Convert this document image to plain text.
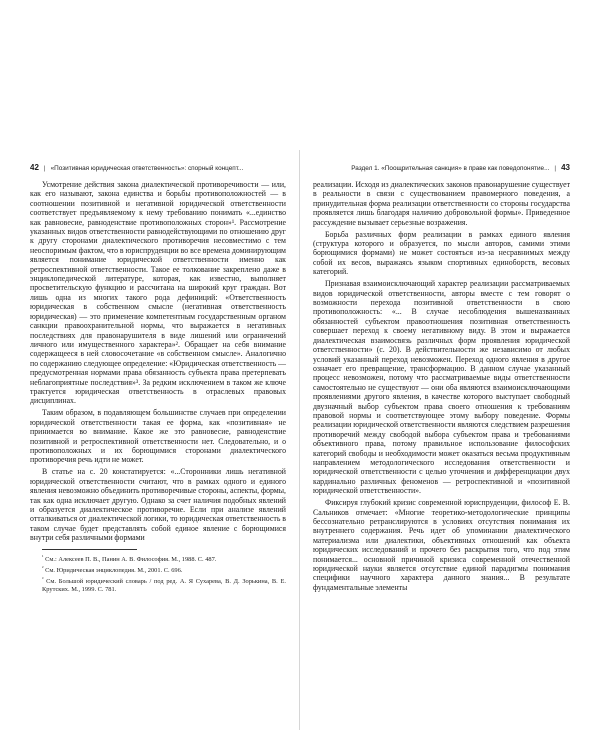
42 | «Позитивная юридическая ответственность»: спорный концепт...

Усмотрение действия закона диалектической противоречивости — или, как его называют, закона единства и борьбы противоположностей — в соотношении позитивной и негативной юридической ответственности соответствует предъявляемому к нему требованию понимать «...единство как равновесие, равноденствие противоположных сторон»¹. Рассмотрение указанных видов ответственности равнодействующими по отношению друг к другу сторонами диалектического противоречия несовместимо с тем неоспоримым фактом, что в юриспруденции во все времена доминирующим является понимание юридической ответственности именно как ретроспективной ответственности. Такое ее толкование закреплено даже в энциклопедической литературе, которая, как известно, выполняет просветительскую функцию и рассчитана на широкий круг граждан. Вот лишь одна из многих такого рода дефиниций: «Ответственность юридическая в собственном смысле (негативная ответственность юридическая) — это применение компетентным государственным органом санкции правоохранительной нормы, что выражается в негативных последствиях для правонарушителя в виде лишений или ограничений личного или имущественного характера»². Обращает на себя внимание содержащееся в ней словосочетание «в собственном смысле». Аналогично по содержанию следующее определение: «Юридическая ответственность — предусмотренная нормами права обязанность субъекта права претерпевать неблагоприятные последствия»³. За редким исключением в таком же ключе трактуется юридическая ответственность в отраслевых правовых дисциплинах.

Таким образом, в подавляющем большинстве случаев при определении юридической ответственности такая ее форма, как «позитивная» не принимается во внимание. Какое же это равновесие, равноденствие позитивной и ретроспективной ответственности нет. Следовательно, и о противоположных и их борющимися сторонами диалектического противоречия речь идти не может.

В статье на с. 20 констатируется: «...Сторонники лишь негативной юридической ответственности считают, что в рамках одного и единого явления невозможно объединить противоречивые стороны, аспекты, формы, так как одна исключает другую. Однако за счет наличия подобных явлений и образуется диалектическое противоречие. Если при анализе явлений отталкиваться от диалектической логики, то юридическая ответственность в таком случае будет представлять собой единое явление с борющимися внутри себя различными формами

$^{^1}$ См.: Алексеев П. В., Панин А. В. Философия. М., 1988. С. 487.

$^{^2}$ См. Юридическая энциклопедия. М., 2001. С. 696.

$^{^3}$ См. Большой юридический словарь / под ред. А. Я Сухарева, В. Д. Зорькина, В. Е. Крутских. М., 1999. С. 781.

Раздел 1. «Поощрительная санкция» в праве как поведопонятие... | 43

реализации. Исходя из диалектических законов правонарушение существует в реальности в связи с существованием правомерного поведения, а принудительная форма реализации ответственности со стороны государства проявляется лишь благодаря наличию добровольной формы». Приведенное рассуждение вызывает серьезные возражения.

Борьба различных форм реализации в рамках единого явления (структура которого и образуется, по мысли авторов, самими этими борющимися формами) не может состояться из-за несравнимых между собой их весов, выражаясь языком спортивных единоборств, весовых категорий.

Признавая взаимоисключающий характер реализации рассматриваемых видов юридической ответственности, авторы вместе с тем говорят о возможности перехода позитивной ответственности в свою противоположность: «... В случае несоблюдения вышеназванных обязанностей субъектом правоотношения позитивная ответственность совершает переход к своему негативному виду. В этом и выражается диалектическая взаимосвязь различных форм проявления юридической ответственности» (с. 20). В действительности же независимо от любых условий указанный переход невозможен. Переход одного явления в другое означает его превращение, трансформацию. В данном случае указанный процесс невозможен, потому что рассматриваемые виды ответственности самостоятельно не существуют — они оба являются взаимоисключающими проявлениями другого явления, в качестве которого выступает свободный двузначный выбор субъектом права своего отношения к требованиям правовой нормы и соответствующее этому выбору поведение. Формы реализации юридической ответственности являются следствием разрешения противоречий между свободой выбора субъектом права и требованиями объективного права, потому правильное использование философских категорий свободы и необходимости может оказаться весьма продуктивным направлением методологического исследования ответственности и юридической ответственности с целью уточнения и дифференциации двух кардинально различных феноменов — ретроспективной и «позитивной юридической ответственности».

Фиксируя глубокий кризис современной юриспруденции, философ Е. В. Сальников отмечает: «Многие теоретико-методологические принципы бессознательно ретранслируются в условиях отсутствия понимания их внутреннего содержания. Речь идет об упоминании диалектического материализма или диалектики, объективных отношений как объекта юридических исследований и прочего без раскрытия того, что под этим понимается... основной причиной кризиса современной отечественной юридической науки является отсутствие единой парадигмы понимания специфики научного характера данного знания... В результате фундаментальные элементы
